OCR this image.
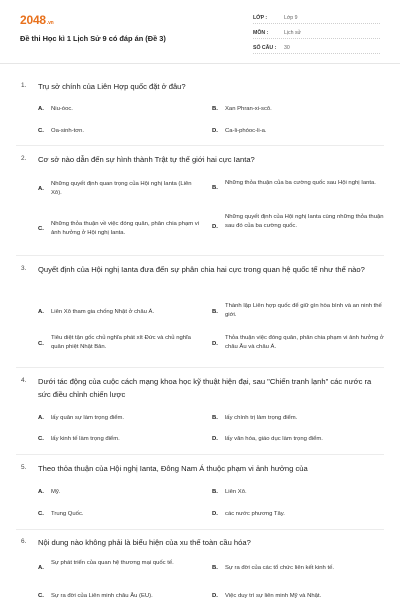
2048.vn
Đề thi Học kì 1 Lịch Sử 9 có đáp án (Đề 3)
LỚP :	Lớp 9
MÔN :	Lịch sử
SỐ CÂU : 30
1. Trụ sở chính của Liên Hợp quốc đặt ở đâu?
A. Niu-óoc.	B. Xan Phran-xi-scô.
C. Oa-sinh-tơn.	D. Ca-li-phóoc-li-a.
2. Cơ sở nào dẫn đến sự hình thành Trật tự thế giới hai cực Ianta?
A.
Những quyết định quan trọng của Hội nghị Ianta (Liên Xô).
B.
Những thỏa thuận của ba cường quốc sau Hội nghị Ianta.
C.
Những thỏa thuận về việc đóng quân, phân chia phạm vi ảnh hưởng ở Hội nghị Ianta.
D.
Những quyết định của Hội nghị Ianta cùng những thỏa thuận sau đó của ba cường quốc.
3. Quyết định của Hội nghị Ianta đưa đến sự phân chia hai cực trong quan hệ quốc tế như thế nào?
A. Liên Xô tham gia chống Nhật ở châu Á.	B.
Thành lập Liên hợp quốc để giữ gìn hòa bình và an ninh thế giới.
C.
Tiêu diệt tận gốc chủ nghĩa phát xít Đức và chủ nghĩa quân phiệt Nhật Bản.	D.
Thỏa thuận việc đóng quân, phân chia phạm vi ảnh hưởng ở châu Âu và châu Á.
4. Dưới tác động của cuộc cách mạng khoa học kỹ thuật hiện đại, sau "Chiến tranh lạnh" các nước ra sức điều chỉnh chiến lược
A. lấy quân sự làm trọng điểm.	B. lấy chính trị làm trọng điểm.
C. lấy kinh tế làm trọng điểm.	D. lấy văn hóa, giáo dục làm trọng điểm.
5. Theo thỏa thuận của Hội nghị Ianta, Đông Nam Á thuộc phạm vi ảnh hưởng của
A. Mỹ.	B. Liên Xô.
C. Trung Quốc.	D. các nước phương Tây.
6. Nội dung nào không phải là biểu hiện của xu thế toàn cầu hóa?
A.
Sự phát triển của quan hệ thương mại quốc tế.
B. Sự ra đời của các tổ chức liên kết kinh tế.
C. Sự ra đời của Liên minh châu Âu (EU).	D. Việc duy trì sự liên minh Mỹ và Nhật.
